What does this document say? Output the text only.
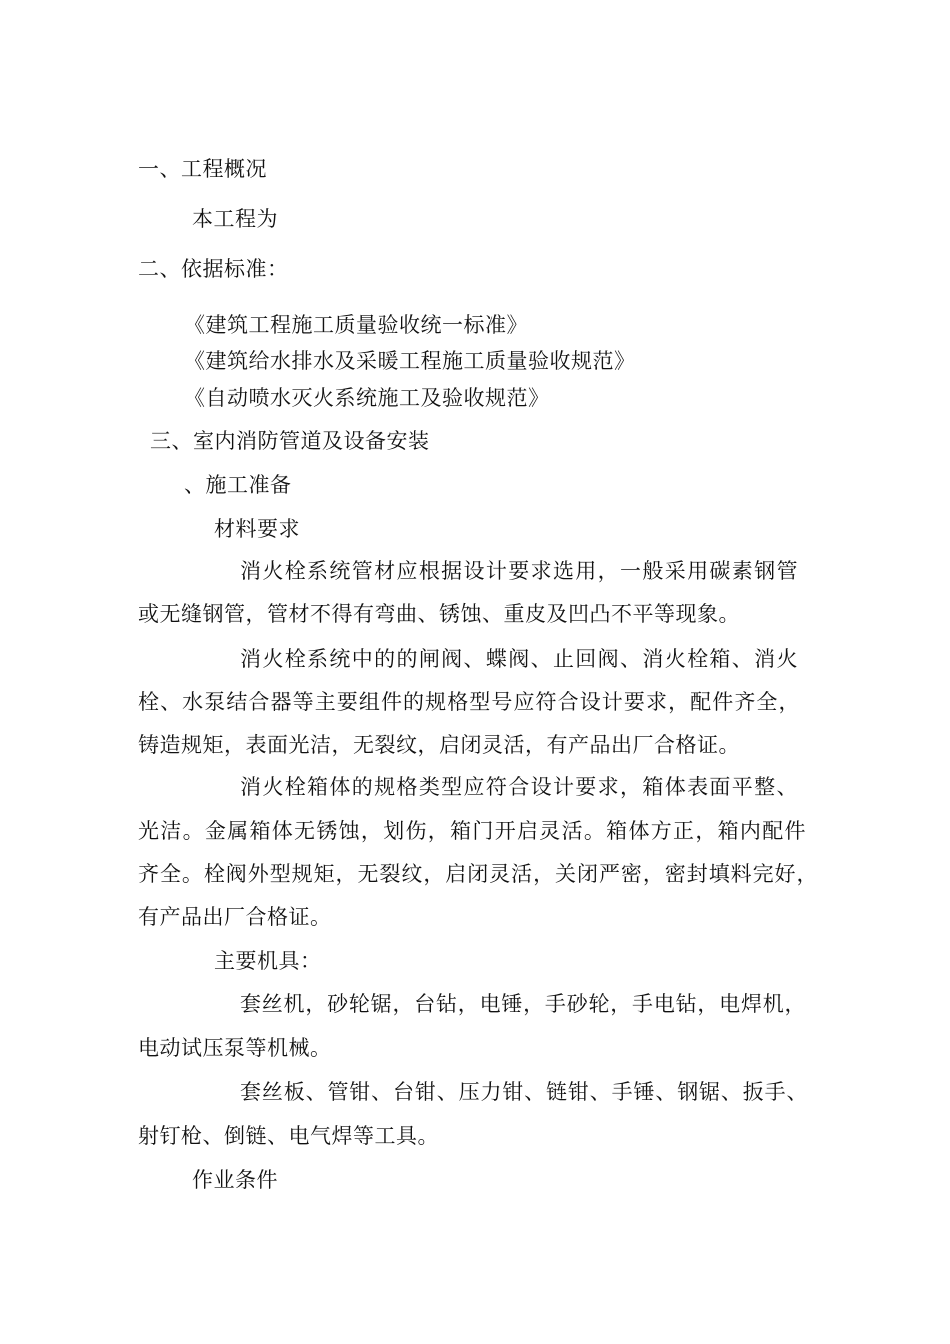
一、工程概况
本工程为
二、依据标准：
《建筑工程施工质量验收统一标准》
《建筑给水排水及采暖工程施工质量验收规范》
《自动喷水灭火系统施工及验收规范》
三、室内消防管道及设备安装
、施工准备
材料要求
消火栓系统管材应根据设计要求选用，一般采用碳素钢管
或无缝钢管，管材不得有弯曲、锈蚀、重皮及凹凸不平等现象。
消火栓系统中的的闸阀、蝶阀、止回阀、消火栓箱、消火
栓、水泵结合器等主要组件的规格型号应符合设计要求，配件齐全，
铸造规矩，表面光洁，无裂纹，启闭灵活，有产品出厂合格证。
消火栓箱体的规格类型应符合设计要求，箱体表面平整、
光洁。金属箱体无锈蚀，划伤，箱门开启灵活。箱体方正，箱内配件
齐全。栓阀外型规矩，无裂纹，启闭灵活，关闭严密，密封填料完好，
有产品出厂合格证。
主要机具：
套丝机，砂轮锯，台钻，电锤，手砂轮，手电钻，电焊机，
电动试压泵等机械。
套丝板、管钳、台钳、压力钳、链钳、手锤、钢锯、扳手、
射钉枪、倒链、电气焊等工具。
作业条件
